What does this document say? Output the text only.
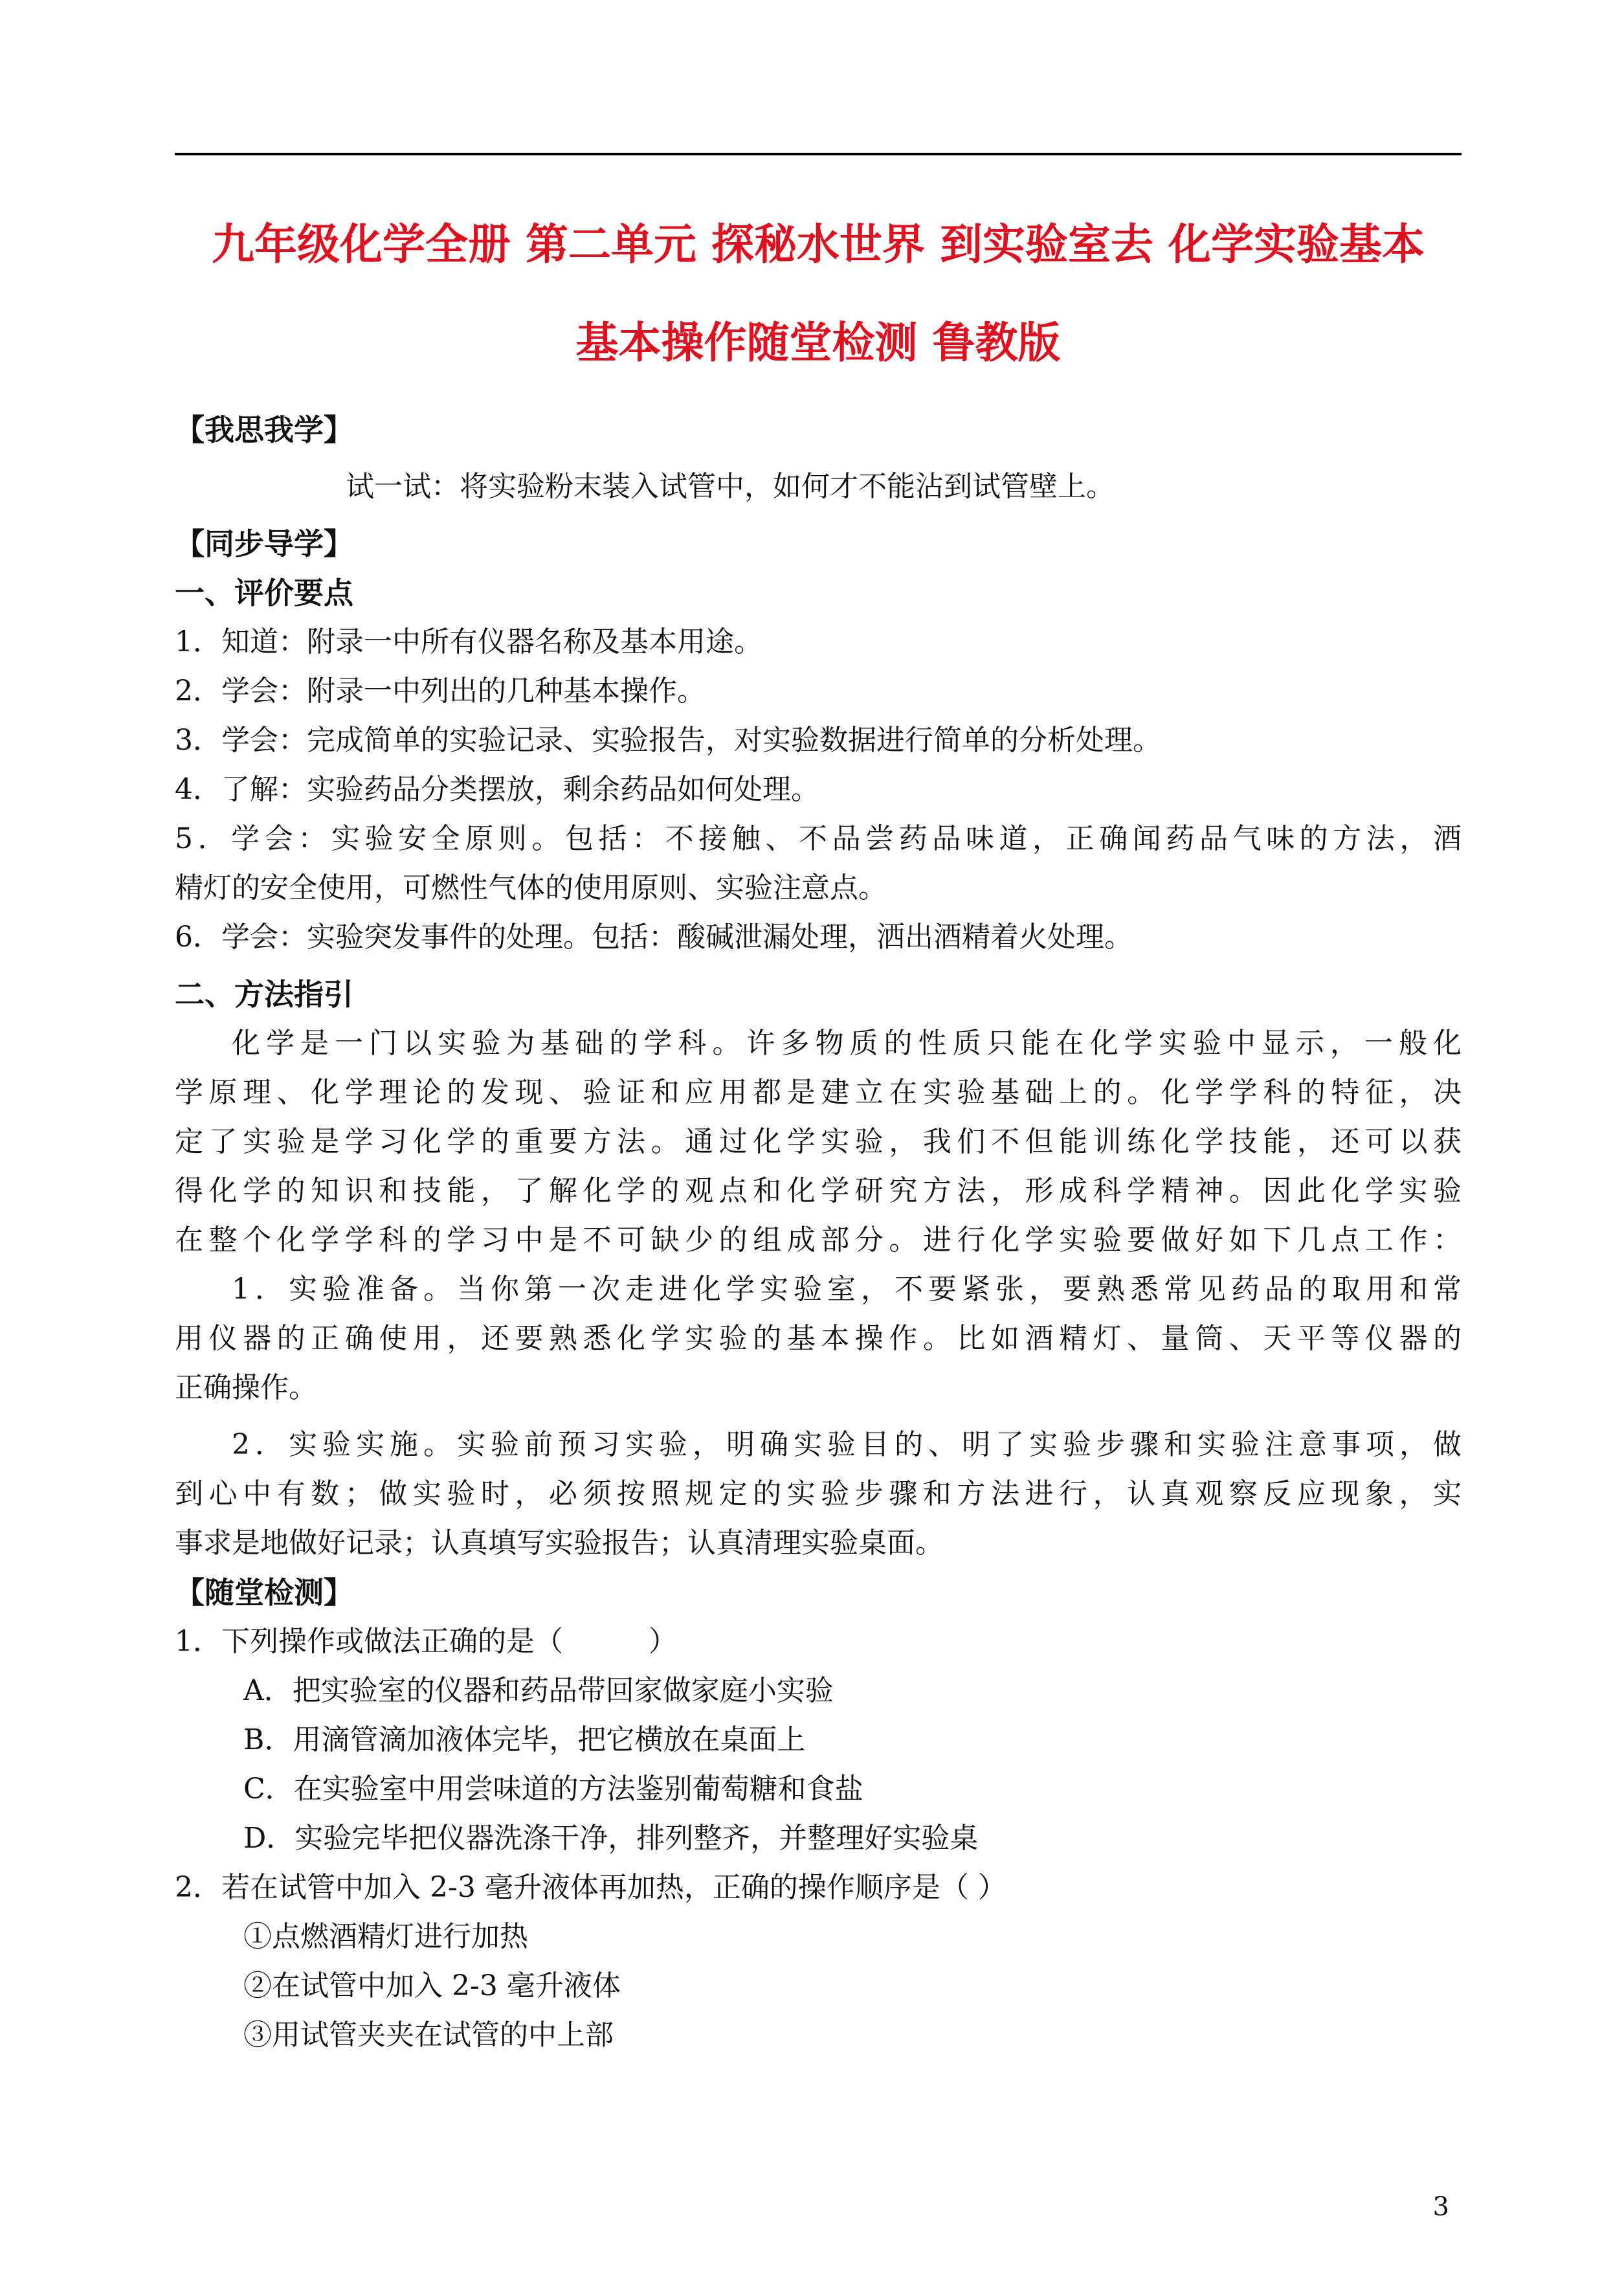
九年级化学全册 第二单元 探秘水世界 到实验室去 化学实验基本
基本操作随堂检测 鲁教版

【我思我学】

试一试：将实验粉末装入试管中，如何才不能沾到试管壁上。

【同步导学】

一、评价要点

1．知道：附录一中所有仪器名称及基本用途。

2．学会：附录一中列出的几种基本操作。

3．学会：完成简单的实验记录、实验报告，对实验数据进行简单的分析处理。

4．了解：实验药品分类摆放，剩余药品如何处理。

5．学会：实验安全原则。包括：不接触、不品尝药品味道，正确闻药品气味的方法，酒

精灯的安全使用，可燃性气体的使用原则、实验注意点。

6．学会：实验突发事件的处理。包括：酸碱泄漏处理，洒出酒精着火处理。

二、方法指引

化学是一门以实验为基础的学科。许多物质的性质只能在化学实验中显示，一般化

学原理、化学理论的发现、验证和应用都是建立在实验基础上的。化学学科的特征，决

定了实验是学习化学的重要方法。通过化学实验，我们不但能训练化学技能，还可以获

得化学的知识和技能，了解化学的观点和化学研究方法，形成科学精神。因此化学实验

在整个化学学科的学习中是不可缺少的组成部分。进行化学实验要做好如下几点工作：

1．实验准备。当你第一次走进化学实验室，不要紧张，要熟悉常见药品的取用和常

用仪器的正确使用，还要熟悉化学实验的基本操作。比如酒精灯、量筒、天平等仪器的

正确操作。

2．实验实施。实验前预习实验，明确实验目的、明了实验步骤和实验注意事项，做

到心中有数；做实验时，必须按照规定的实验步骤和方法进行，认真观察反应现象，实

事求是地做好记录；认真填写实验报告；认真清理实验桌面。

【随堂检测】

1．下列操作或做法正确的是（　　　）

A．把实验室的仪器和药品带回家做家庭小实验

B．用滴管滴加液体完毕，把它横放在桌面上

C．在实验室中用尝味道的方法鉴别葡萄糖和食盐

D．实验完毕把仪器洗涤干净，排列整齐，并整理好实验桌

2．若在试管中加入 2-3 毫升液体再加热，正确的操作顺序是（ ）

①点燃酒精灯进行加热

②在试管中加入 2-3 毫升液体

③用试管夹夹在试管的中上部

3
